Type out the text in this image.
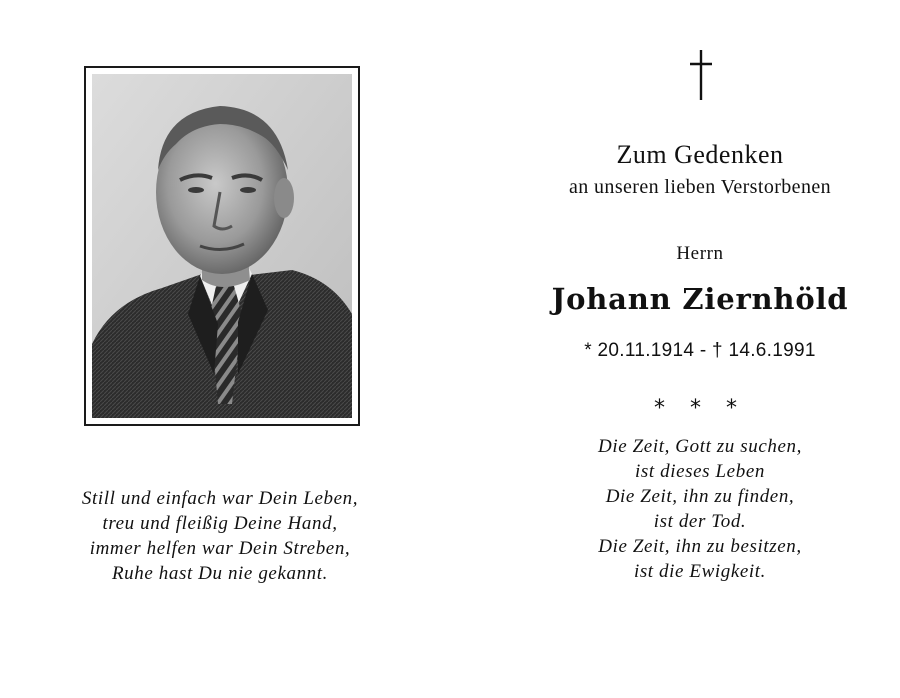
Still und einfach war Dein Leben,
treu und fleißig Deine Hand,
immer helfen war Dein Streben,
Ruhe hast Du nie gekannt.
Zum Gedenken
an unseren lieben Verstorbenen
Herrn
Johann Ziernhöld
* 20.11.1914 - † 14.6.1991
* * *
Die Zeit, Gott zu suchen,
ist dieses Leben
Die Zeit, ihn zu finden,
ist der Tod.
Die Zeit, ihn zu besitzen,
ist die Ewigkeit.
